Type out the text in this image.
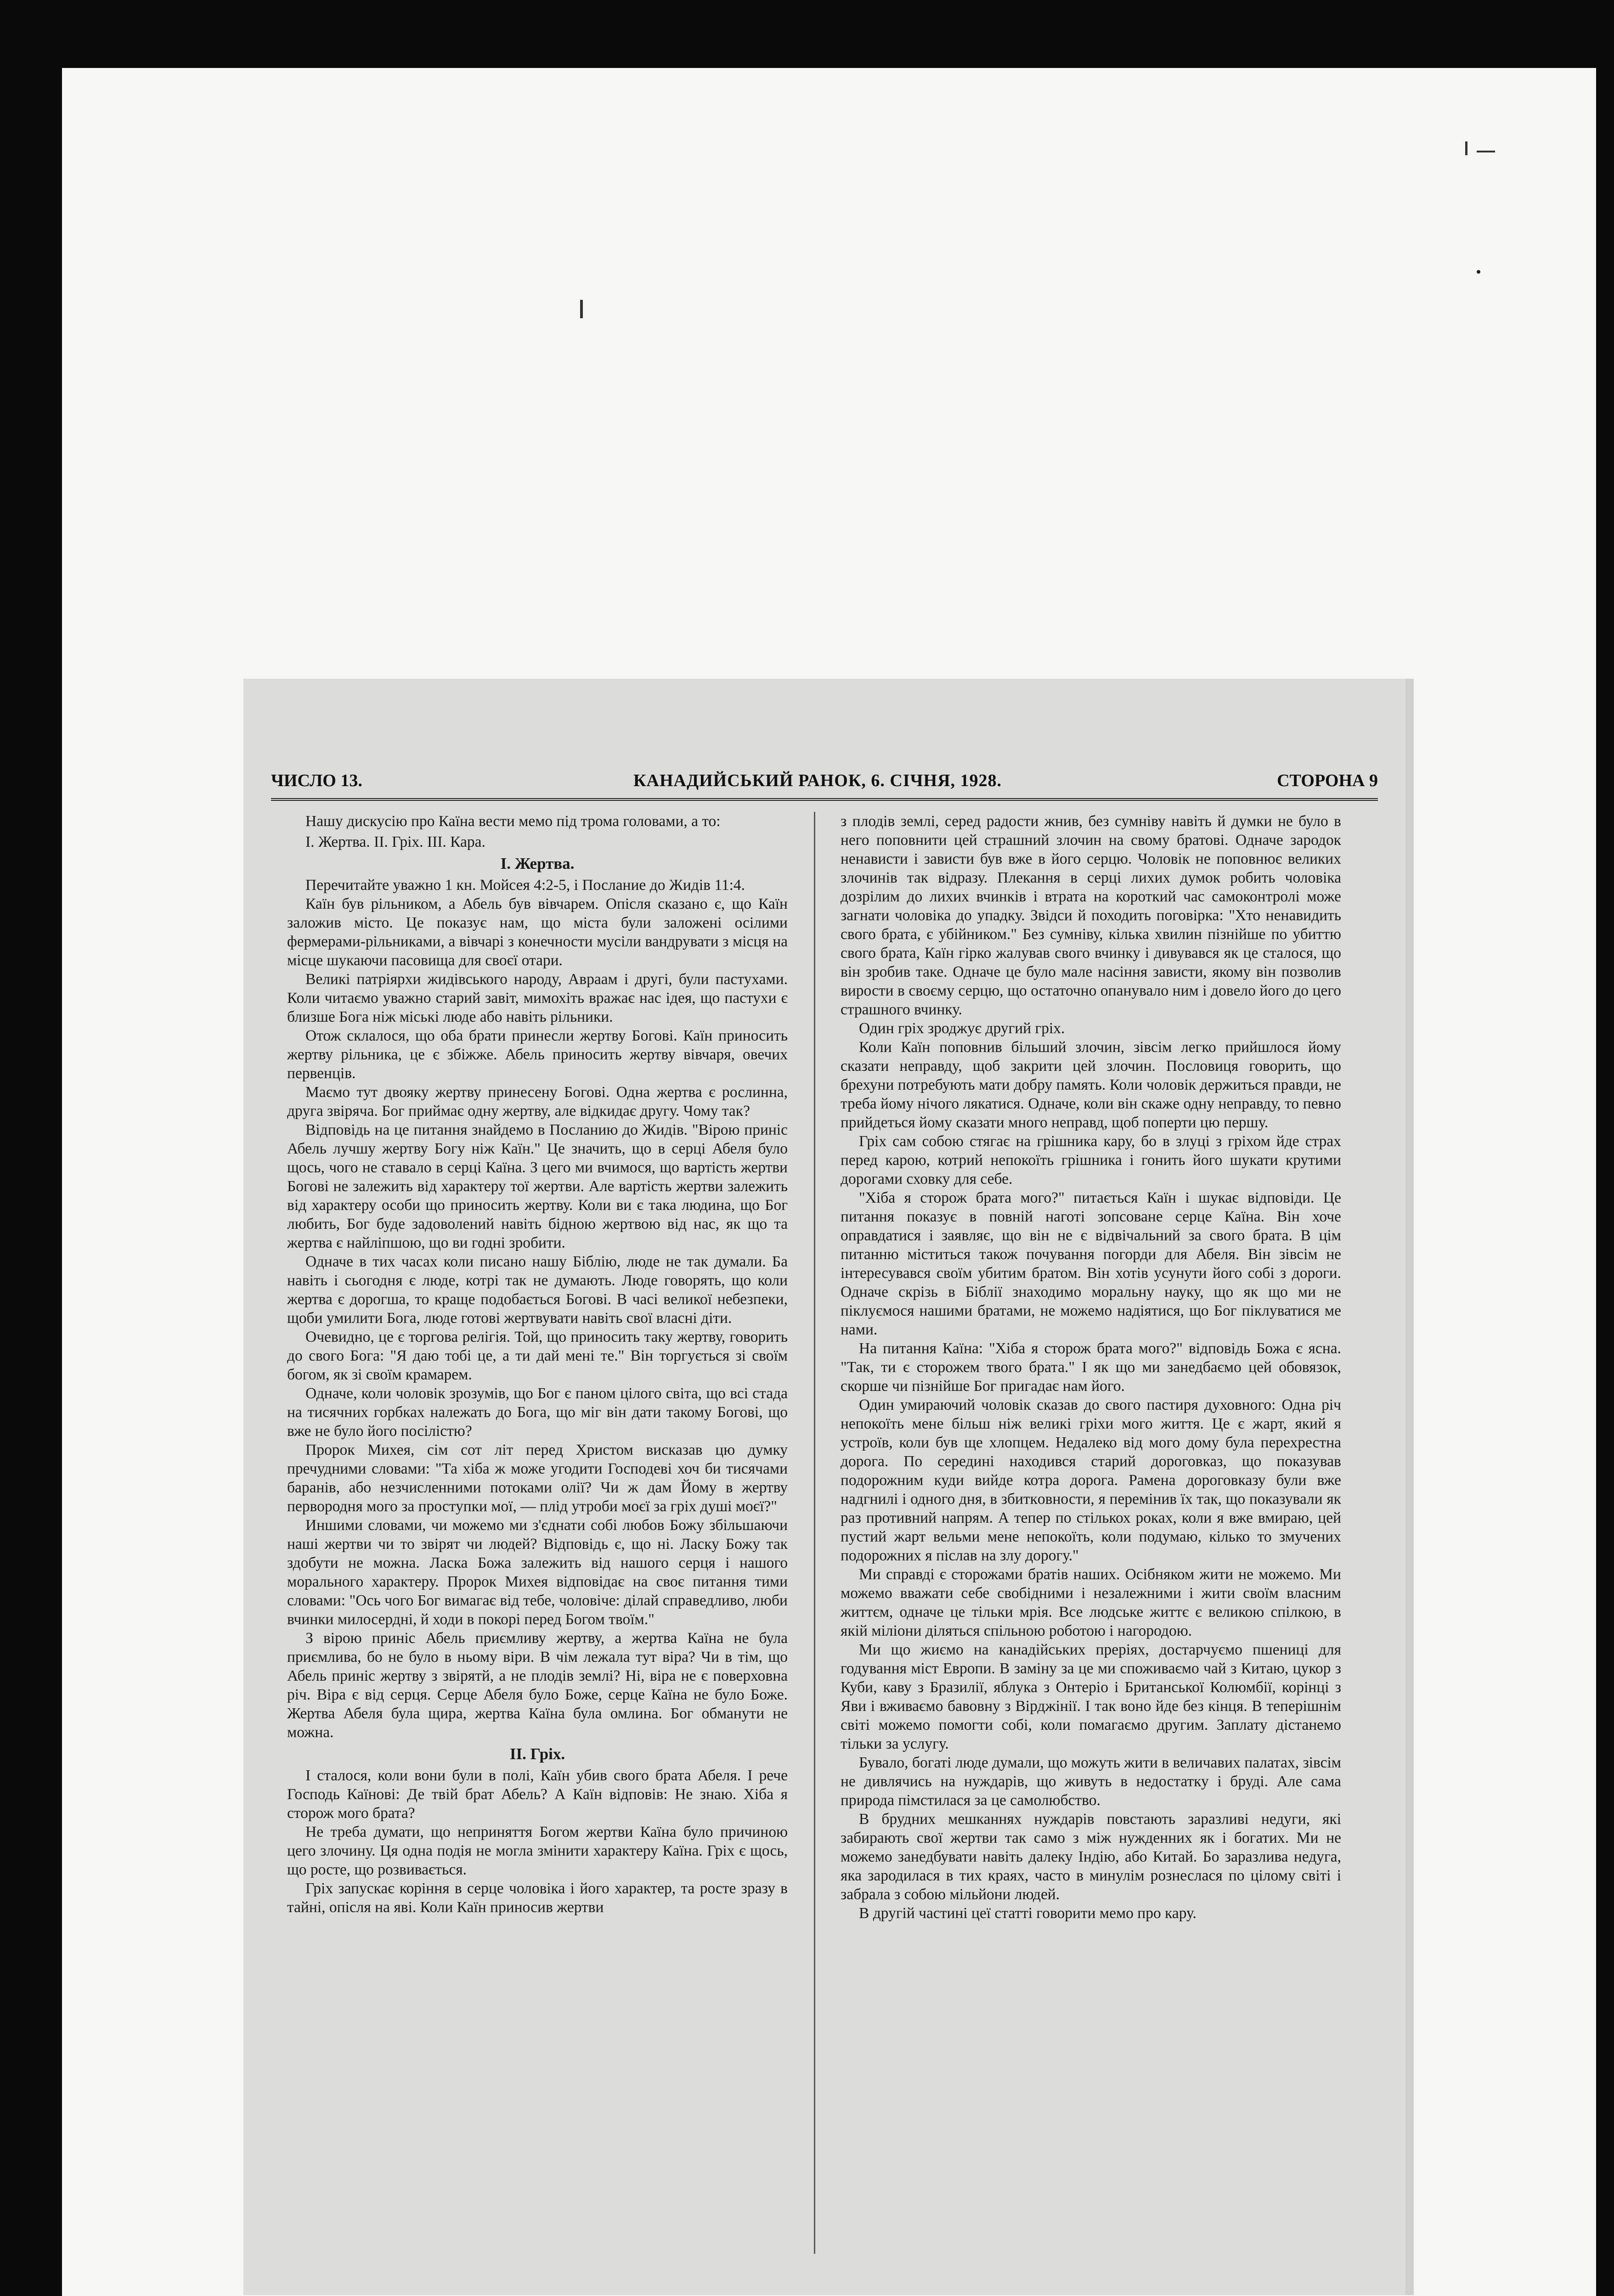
ЧИСЛО 13.	КАНАДИЙСЬКИЙ РАНОК, 6. СІЧНЯ, 1928.	СТОРОНА 9

Нашу дискусію про Каїна вести мемо під трома головами, а то:

І. Жертва. ІІ. Гріх. ІІІ. Кара.
I. Жертва.

Перечитайте уважно 1 кн. Мойсея 4:2-5, і Послание до Жидів 11:4.

Каїн був рільником, а Абель був вівчарем. Опісля сказано є, що Каїн заложив місто. Це показує нам, що міста були заложені осілими фермерами-рільниками, а вівчарі з конечности мусіли вандрувати з місця на місце шукаючи пасовища для своєї отари.

Великі патріярхи жидівського народу, Авраам і другі, були пастухами. Коли читаємо уважно старий завіт, мимохіть вражає нас ідея, що пастухи є близше Бога ніж міські люде або навіть рільники.

Отож склалося, що оба брати принесли жертву Богові. Каїн приносить жертву рільника, це є збіжже. Абель приносить жертву вівчаря, овечих первенців.

Маємо тут двояку жертву принесену Богові. Одна жертва є рослинна, друга звіряча. Бог приймає одну жертву, але відкидає другу. Чому так?

Відповідь на це питання знайдемо в Посланию до Жидів. "Вірою приніс Абель лучшу жертву Богу ніж Каїн." Це значить, що в серці Абеля було щось, чого не ставало в серці Каїна. З цего ми вчимося, що вартість жертви Богові не залежить від характеру тої жертви. Але вартість жертви залежить від характеру особи що приносить жертву. Коли ви є така людина, що Бог любить, Бог буде задоволений навіть бідною жертвою від нас, як що та жертва є найліпшою, що ви годні зробити.

Одначе в тих часах коли писано нашу Біблію, люде не так думали. Ба навіть і сьогодня є люде, котрі так не думають. Люде говорять, що коли жертва є дорогша, то краще подобається Богові. В часі великої небезпеки, щоби умилити Бога, люде готові жертвувати навіть свої власні діти.

Очевидно, це є торгова релігія. Той, що приносить таку жертву, говорить до свого Бога: "Я даю тобі це, а ти дай мені те." Він торгується зі своїм богом, як зі своїм крамарем.

Одначе, коли чоловік зрозумів, що Бог є паном цілого світа, що всі стада на тисячних горбках належать до Бога, що міг він дати такому Богові, що вже не було його посілістю?

Пророк Михея, сім сот літ перед Христом висказав цю думку пречудними словами: "Та хіба ж може угодити Господеві хоч би тисячами баранів, або незчисленними потоками олії? Чи ж дам Йому в жертву первородня мого за проступки мої, — плід утроби моєї за гріх душі моєї?"

Иншими словами, чи можемо ми з'єднати собі любов Божу збільшаючи наші жертви чи то звірят чи людей? Відповідь є, що ні. Ласку Божу так здобути не можна. Ласка Божа залежить від нашого серця і нашого морального характеру. Пророк Михея відповідає на своє питання тими словами: "Ось чого Бог вимагає від тебе, чоловіче: ділай справедливо, люби вчинки милосердні, й ходи в покорі перед Богом твоїм."

З вірою приніс Абель приємливу жертву, а жертва Каїна не була приємлива, бо не було в ньому віри. В чім лежала тут віра? Чи в тім, що Абель приніс жертву з звірятй, а не плодів землі? Ні, віра не є поверховна річ. Віра є від серця. Серце Абеля було Боже, серце Каїна не було Боже. Жертва Абеля була щира, жертва Каїна була омлина. Бог обманути не можна.

II. Гріх.

І сталося, коли вони були в полі, Каїн убив свого брата Абеля. І рече Господь Каїнові: Де твій брат Абель? А Каїн відповів: Не знаю. Хіба я сторож мого брата?

Не треба думати, що неприняття Богом жертви Каїна було причиною цего злочину. Ця одна подія не могла змінити характеру Каїна. Гріх є щось, що росте, що розвивається.

Гріх запускає коріння в серце чоловіка і його характер, та росте зразу в тайні, опісля на яві. Коли Каїн приносив жертви

з плодів землі, серед радости жнив, без сумніву навіть й думки не було в него поповнити цей страшний злочин на свому братові. Одначе зародок ненависти і зависти був вже в його серцю. Чоловік не поповнює великих злочинів так відразу. Плекання в серці лихих думок робить чоловіка дозрілим до лихих вчинків і втрата на короткий час самоконтролі може загнати чоловіка до упадку. Звідси й походить поговірка: "Хто ненавидить свого брата, є убійником." Без сумніву, кілька хвилин пізнійше по убиттю свого брата, Каїн гірко жалував свого вчинку і дивувався як це сталося, що він зробив таке. Одначе це було мале насіння зависти, якому він позволив вирости в своєму серцю, що остаточно опанувало ним і довело його до цего страшного вчинку.

Один гріх зроджує другий гріх.

Коли Каїн поповнив більший злочин, зівсім легко прийшлося йому сказати неправду, щоб закрити цей злочин. Пословиця говорить, що брехуни потребують мати добру память. Коли чоловік держиться правди, не треба йому нічого лякатися. Одначе, коли він скаже одну неправду, то певно прийдеться йому сказати много неправд, щоб поперти цю першу.

Гріх сам собою стягає на грішника кару, бо в злуці з гріхом йде страх перед карою, котрий непокоїть грішника і гонить його шукати крутими дорогами сховку для себе.

"Хіба я сторож брата мого?" питається Каїн і шукає відповіди. Це питання показує в повній наготі зопсоване серце Каїна. Він хоче оправдатися і заявляє, що він не є відвічальний за свого брата. В цім питанню міститься також почування погорди для Абеля. Він зівсім не інтересувався своїм убитим братом. Він хотів усунути його собі з дороги. Одначе скрізь в Біблії знаходимо моральну науку, що як що ми не піклуємося нашими братами, не можемо надіятися, що Бог піклуватися ме нами.

На питання Каїна: "Хіба я сторож брата мого?" відповідь Божа є ясна. "Так, ти є сторожем твого брата." І як що ми занедбаємо цей обовязок, скорше чи пізнійше Бог пригадає нам його.

Один умираючий чоловік сказав до свого пастиря духовного: Одна річ непокоїть мене більш ніж великі гріхи мого життя. Це є жарт, який я устроїв, коли був ще хлопцем. Недалеко від мого дому була перехрестна дорога. По середині находився старий дороговказ, що показував подорожним куди вийде котра дорога. Рамена дороговказу були вже надгнилі і одного дня, в збиткoвности, я перемінив їх так, що показували як раз противний напрям. А тепер по стількох роках, коли я вже вмираю, цей пустий жарт вельми мене непокоїть, коли подумаю, кілько то змучених подорожних я післав на злу дорогу."

Ми справді є сторожами братів наших. Осібняком жити не можемо. Ми можемо вважати себе свобідними і незалежними і жити своїм власним життєм, одначе це тільки мрія. Все людське життє є великою спілкою, в якій мілiони діляться спільною роботою і нагородою.

Ми що жиємо на канадійських преріях, достарчуємо пшениці для годування міст Европи. В заміну за це ми споживаємо чай з Китаю, цукор з Куби, каву з Бразилії, яблука з Онтеріо і Британської Колюмбії, корінці з Яви і вживаємо бавовну з Вірджінії. І так воно йде без кінця. В теперішнім світі можемо помогти собі, коли помагаємо другим. Заплату дістанемо тільки за услугу.

Бувало, богаті люде думали, що можуть жити в величавих палатах, зівсім не дивлячись на нуждарів, що живуть в недостатку і бруді. Але сама природа пімстилася за це самолюбство.

В брудних мешканнях нуждарів повстають заразливі недуги, які забирають свої жертви так само з між нужденних як і богатих. Ми не можемо занедбувати навіть далеку Індію, або Китай. Бо заразлива недуга, яка зародилася в тих краях, часто в минулім рознеслася по цілому світі і забрала з собою мільйони людей.

В другій частині цеї статті говорити мемо про кару.
